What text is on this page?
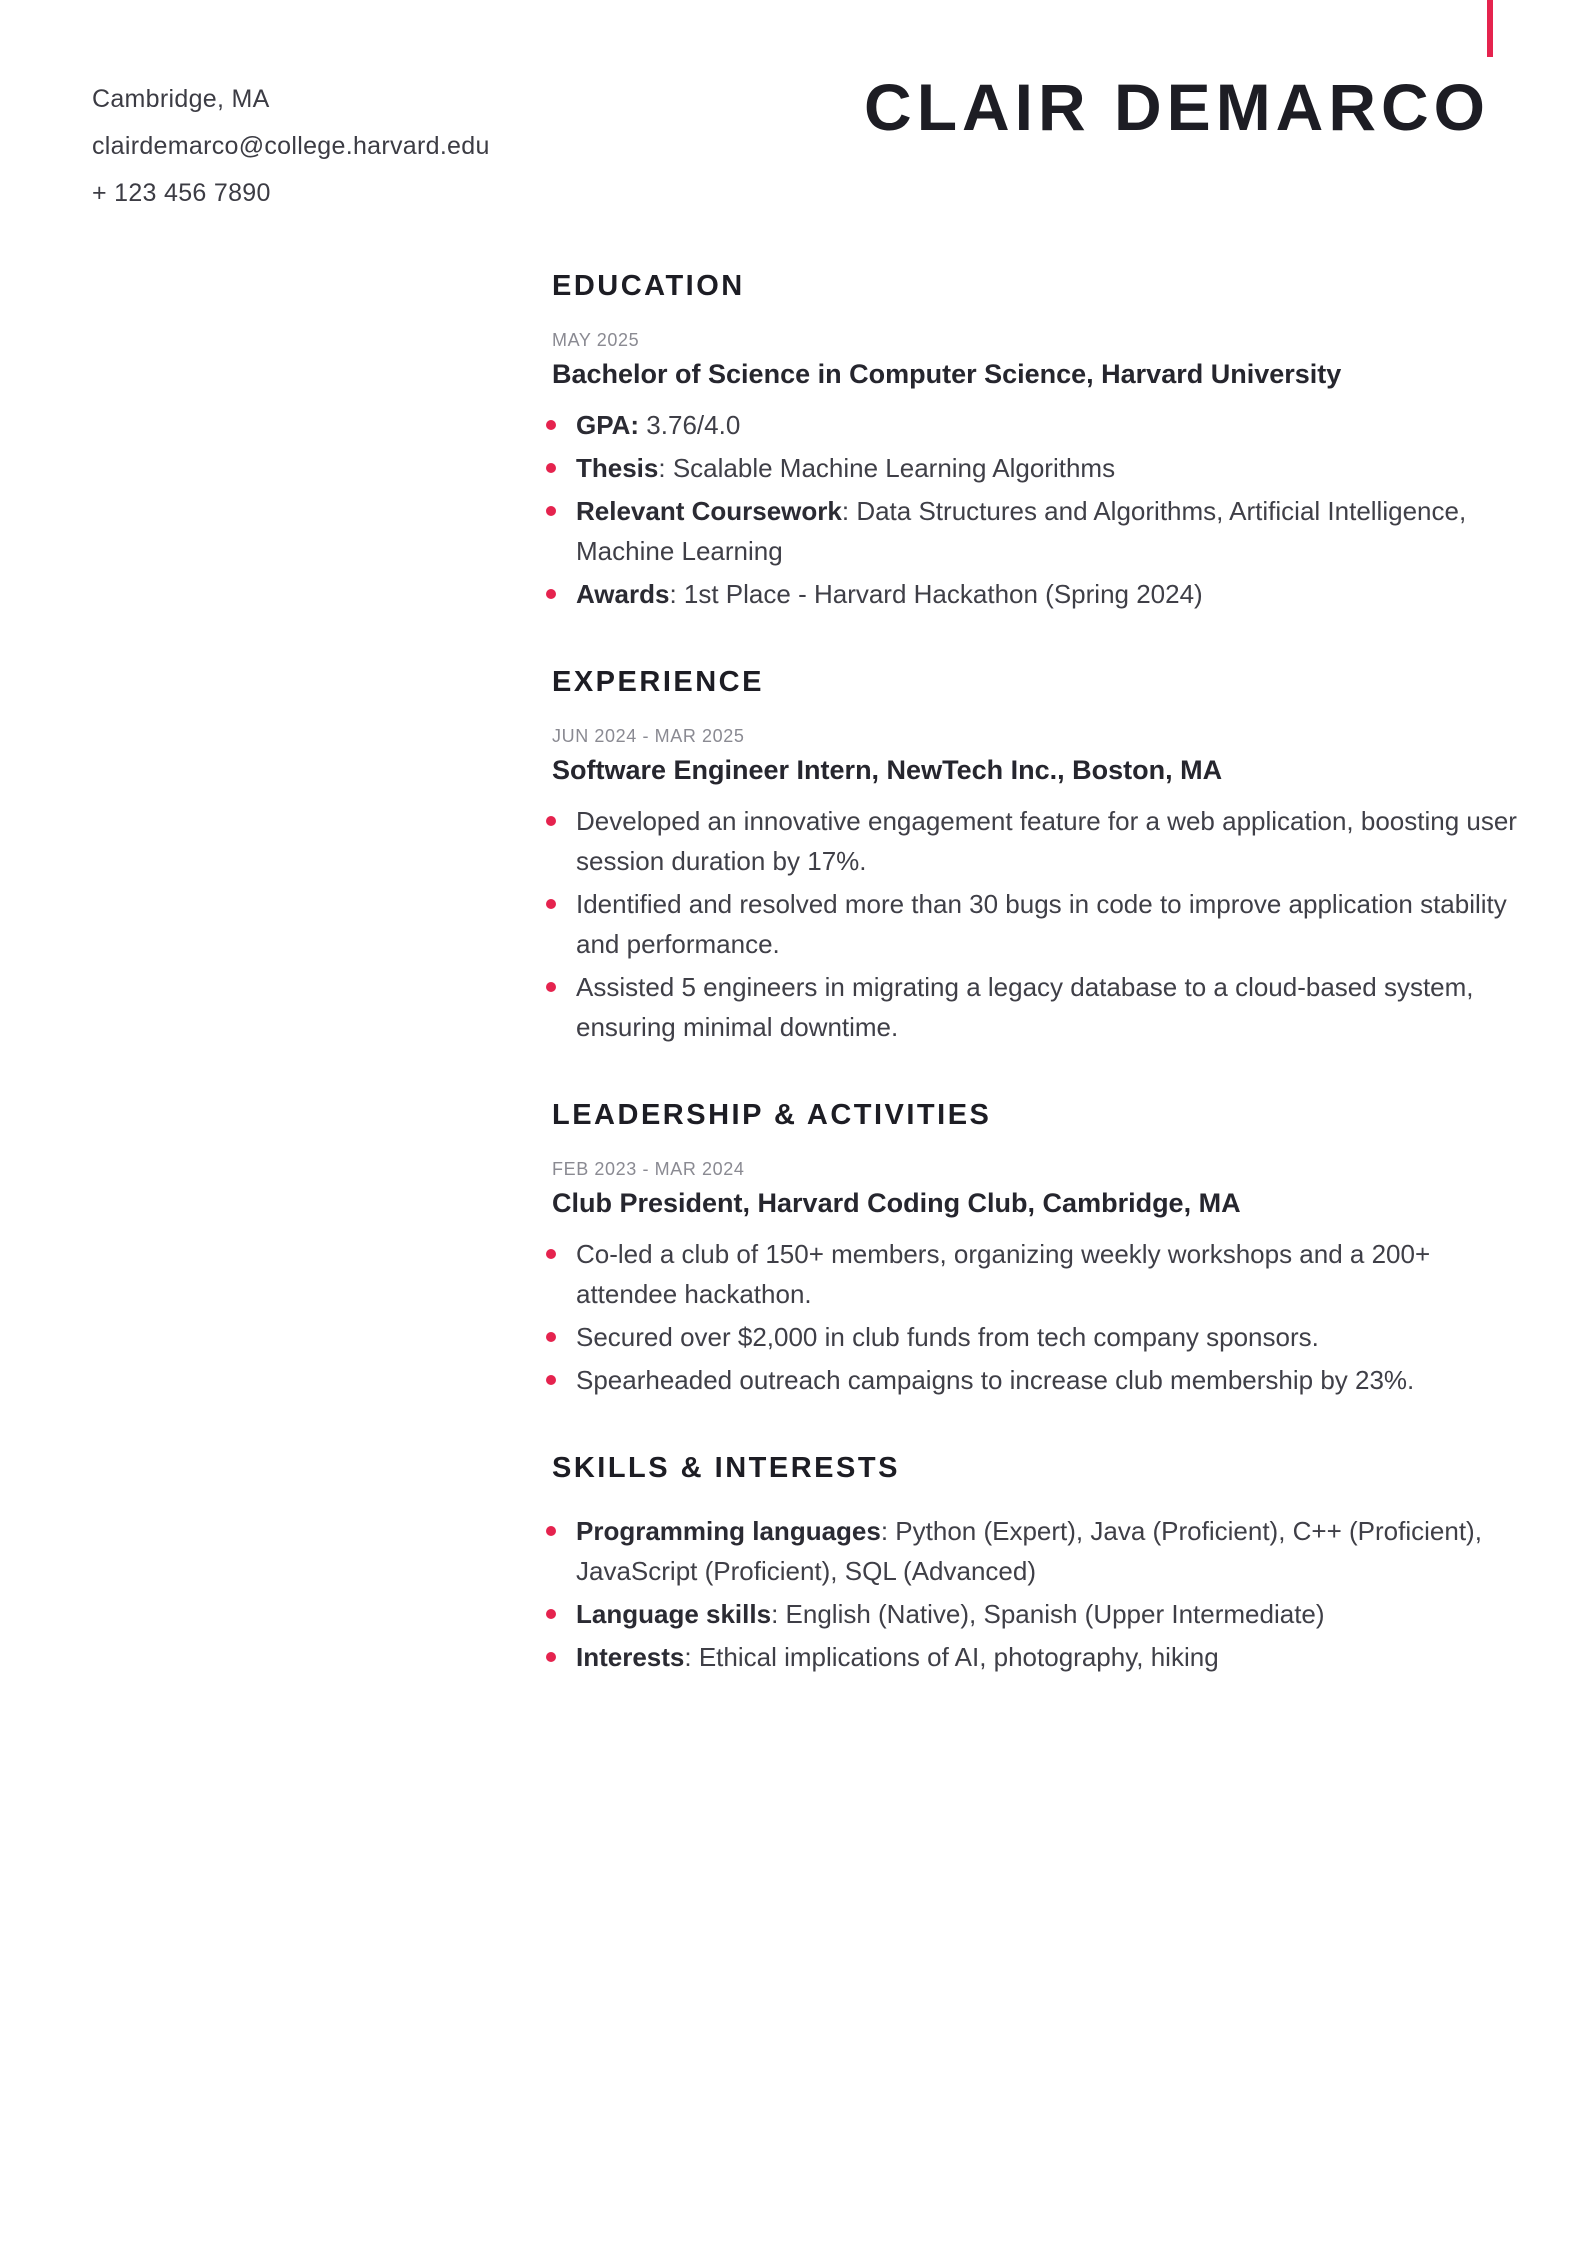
Cambridge, MA
clairdemarco@college.harvard.edu
+ 123 456 7890
CLAIR DEMARCO
EDUCATION
MAY 2025
Bachelor of Science in Computer Science, Harvard University
GPA: 3.76/4.0
Thesis: Scalable Machine Learning Algorithms
Relevant Coursework: Data Structures and Algorithms, Artificial Intelligence, Machine Learning
Awards: 1st Place - Harvard Hackathon (Spring 2024)
EXPERIENCE
JUN 2024 - MAR 2025
Software Engineer Intern, NewTech Inc., Boston, MA
Developed an innovative engagement feature for a web application, boosting user session duration by 17%.
Identified and resolved more than 30 bugs in code to improve application stability and performance.
Assisted 5 engineers in migrating a legacy database to a cloud-based system, ensuring minimal downtime.
LEADERSHIP & ACTIVITIES
FEB 2023 - MAR 2024
Club President, Harvard Coding Club, Cambridge, MA
Co-led a club of 150+ members, organizing weekly workshops and a 200+ attendee hackathon.
Secured over $2,000 in club funds from tech company sponsors.
Spearheaded outreach campaigns to increase club membership by 23%.
SKILLS & INTERESTS
Programming languages: Python (Expert), Java (Proficient), C++ (Proficient), JavaScript (Proficient), SQL (Advanced)
Language skills: English (Native), Spanish (Upper Intermediate)
Interests: Ethical implications of AI, photography, hiking
